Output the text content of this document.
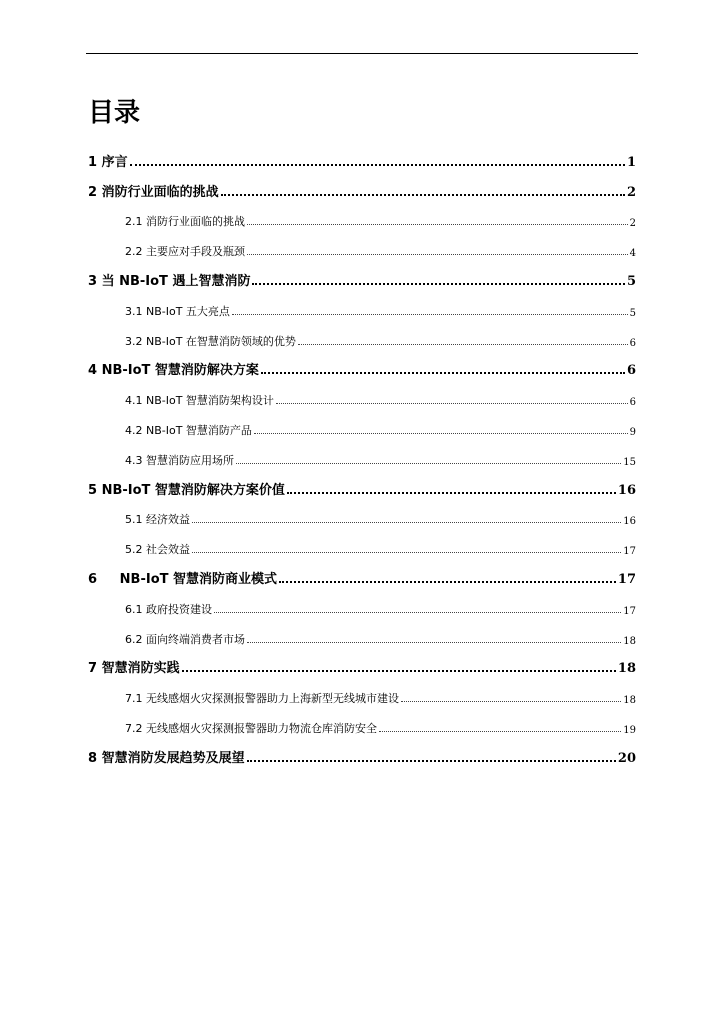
目录
1 序言	1
2 消防行业面临的挑战	2
2.1 消防行业面临的挑战	2
2.2 主要应对手段及瓶颈	4
3 当 NB-IoT 遇上智慧消防	5
3.1 NB-IoT 五大亮点	5
3.2 NB-IoT 在智慧消防领域的优势	6
4 NB-IoT 智慧消防解决方案	6
4.1 NB-IoT 智慧消防架构设计	6
4.2 NB-IoT 智慧消防产品	9
4.3 智慧消防应用场所	15
5 NB-IoT 智慧消防解决方案价值	16
5.1 经济效益	16
5.2 社会效益	17
6     NB-IoT 智慧消防商业模式	17
6.1 政府投资建设	17
6.2 面向终端消费者市场	18
7 智慧消防实践	18
7.1 无线感烟火灾探测报警器助力上海新型无线城市建设	18
7.2 无线感烟火灾探测报警器助力物流仓库消防安全	19
8 智慧消防发展趋势及展望	20
